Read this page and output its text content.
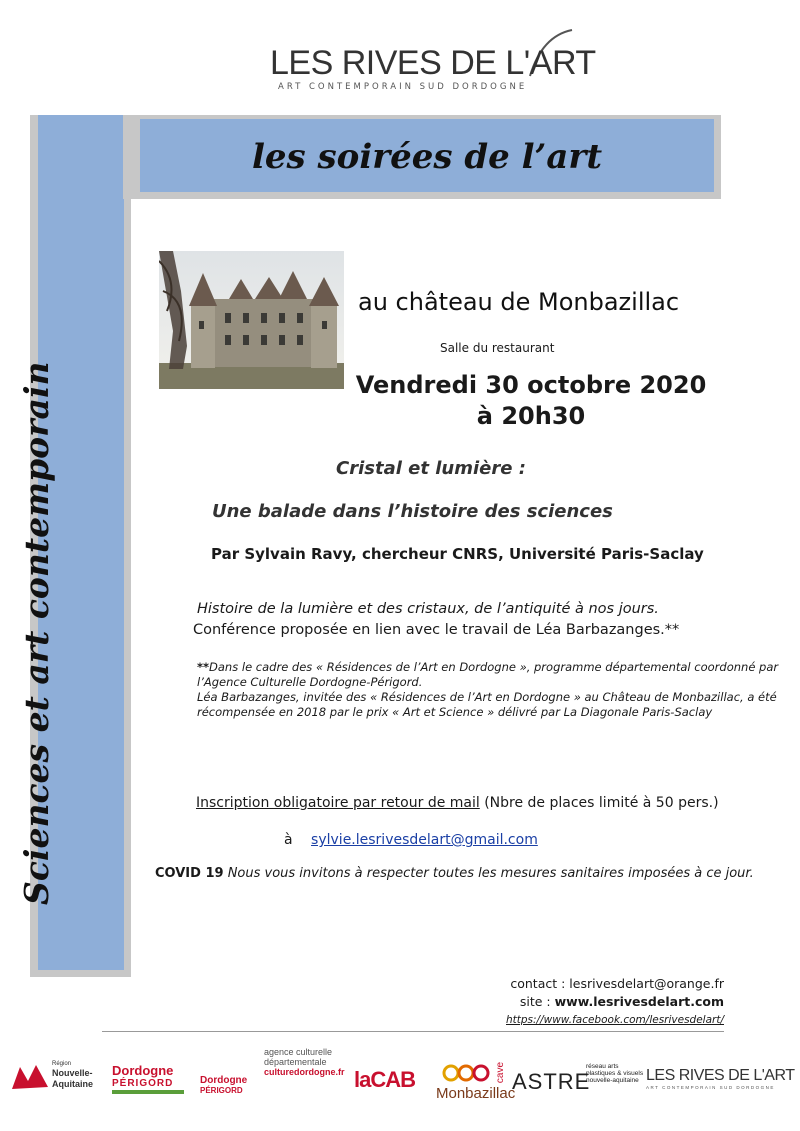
LES RIVES DE L'ART
ART CONTEMPORAIN SUD DORDOGNE
Sciences et art contemporain
les soirées de l’art
au château de Monbazillac
Salle du restaurant
Vendredi 30 octobre 2020
à 20h30
Cristal et lumière :
Une balade dans l’histoire des sciences
Par Sylvain Ravy, chercheur CNRS, Université Paris-Saclay
Histoire de la lumière et des cristaux, de l’antiquité à nos jours.
Conférence proposée en lien avec le travail de Léa Barbazanges.**
**Dans le cadre des « Résidences de l’Art en Dordogne », programme départemental coordonné par l’Agence Culturelle Dordogne-Périgord.
Léa Barbazanges, invitée des « Résidences de l’Art en Dordogne » au Château de Monbazillac, a été récompensée en 2018 par le prix « Art et Science » délivré par La Diagonale Paris-Saclay
Inscription obligatoire par retour de mail (Nbre de places limité à 50 pers.)
à sylvie.lesrivesdelart@gmail.com
COVID 19 Nous vous invitons à respecter toutes les mesures sanitaires imposées à ce jour.
contact : lesrivesdelart@orange.fr
site : www.lesrivesdelart.com
https://www.facebook.com/lesrivesdelart/
Région
Nouvelle-Aquitaine
Dordogne
PÉRIGORD	Dordogne
PÉRIGORD
agence culturelle départementale
culturedordogne.fr laCAB	cave
Monbazillac
ASTRE
réseau arts plastiques & visuels nouvelle-aquitaine LES RIVES DE L'ART
ART CONTEMPORAIN SUD DORDOGNE
